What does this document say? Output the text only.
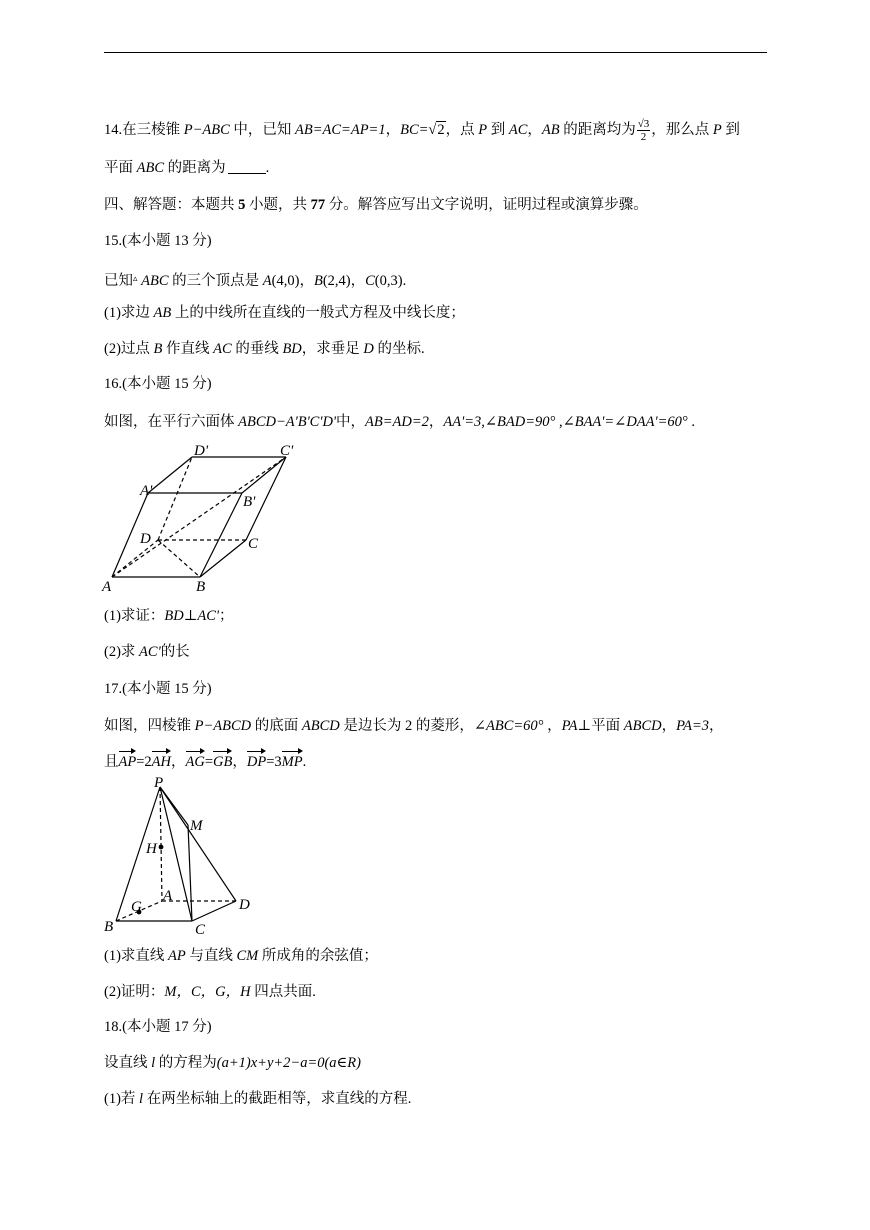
14.在三棱锥 P−ABC 中，已知 AB=AC=AP=1，BC=√2，点 P 到 AC，AB 的距离均为 $\frac{√3}{2}$ ，那么点 P 到
平面 ABC 的距离为	.
四、解答题：本题共 5 小题，共 77 分。解答应写出文字说明，证明过程或演算步骤。
15.(本小题 13 分)
已知▵ ABC 的三个顶点是 A(4,0)，B(2,4)，C(0,3).
(1)求边 AB 上的中线所在直线的一般式方程及中线长度；
(2)过点 B 作直线 AC 的垂线 BD，求垂足 D 的坐标.
16.(本小题 15 分)
如图，在平行六面体 ABCD−A'B'C'D'中，AB=AD=2，AA'=3,∠BAD=90° ,∠BAA'=∠DAA'=60° .
A	B
C
D
A'
B'
C'
D'
(1)求证：BD⊥AC'；
(2)求 AC'的长
17.(本小题 15 分)
如图，四棱锥 P−ABCD 的底面 ABCD 是边长为 2 的菱形，∠ABC=60° ，PA⊥平面 ABCD，PA=3，
且AP=2AH，AG=GB，DP=3MP.
P
M
H
A
G
B	C
D
(1)求直线 AP 与直线 CM 所成角的余弦值；
(2)证明：M，C，G，H 四点共面.
18.(本小题 17 分)
设直线 l 的方程为(a+1)x+y+2−a=0(a∈R)
(1)若 l 在两坐标轴上的截距相等，求直线的方程.
